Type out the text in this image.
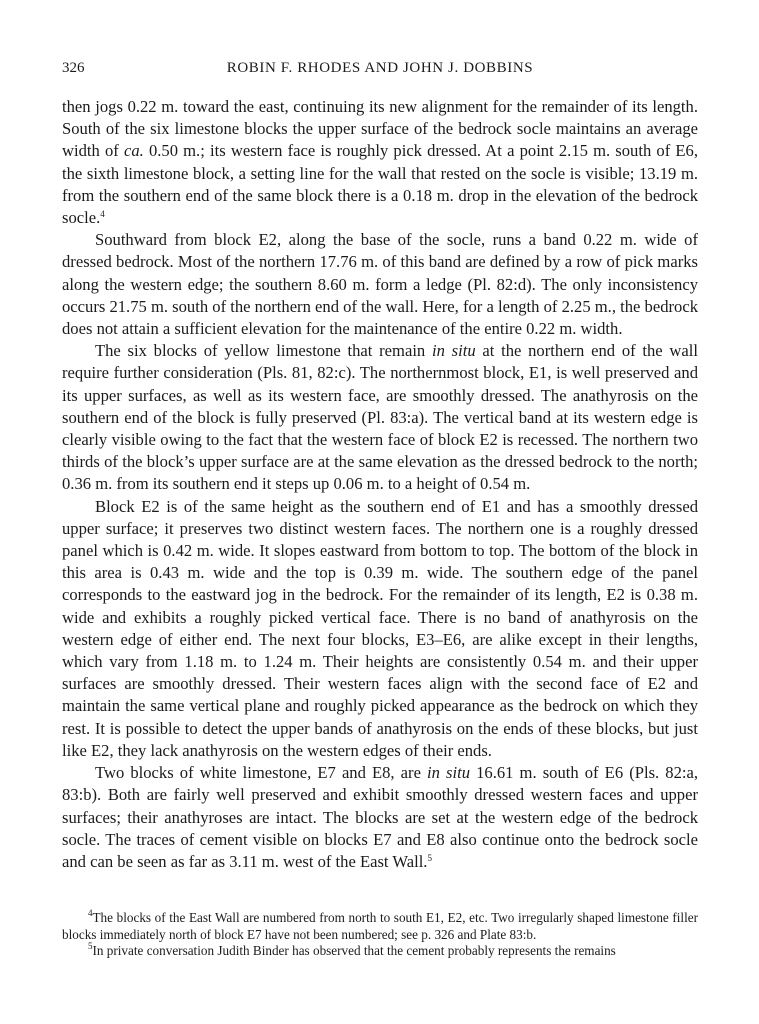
326	ROBIN F. RHODES AND JOHN J. DOBBINS

then jogs 0.22 m. toward the east, continuing its new alignment for the remainder of its length. South of the six limestone blocks the upper surface of the bedrock socle maintains an average width of ca. 0.50 m.; its western face is roughly pick dressed. At a point 2.15 m. south of E6, the sixth limestone block, a setting line for the wall that rested on the socle is visible; 13.19 m. from the southern end of the same block there is a 0.18 m. drop in the elevation of the bedrock socle.$^4$

Southward from block E2, along the base of the socle, runs a band 0.22 m. wide of dressed bedrock. Most of the northern 17.76 m. of this band are defined by a row of pick marks along the western edge; the southern 8.60 m. form a ledge (Pl. 82:d). The only inconsistency occurs 21.75 m. south of the northern end of the wall. Here, for a length of 2.25 m., the bedrock does not attain a sufficient elevation for the maintenance of the entire 0.22 m. width.

The six blocks of yellow limestone that remain in situ at the northern end of the wall require further consideration (Pls. 81, 82:c). The northernmost block, E1, is well preserved and its upper surfaces, as well as its western face, are smoothly dressed. The anathyrosis on the southern end of the block is fully preserved (Pl. 83:a). The vertical band at its western edge is clearly visible owing to the fact that the western face of block E2 is recessed. The northern two thirds of the block’s upper surface are at the same elevation as the dressed bedrock to the north; 0.36 m. from its southern end it steps up 0.06 m. to a height of 0.54 m.

Block E2 is of the same height as the southern end of E1 and has a smoothly dressed upper surface; it preserves two distinct western faces. The northern one is a roughly dressed panel which is 0.42 m. wide. It slopes eastward from bottom to top. The bottom of the block in this area is 0.43 m. wide and the top is 0.39 m. wide. The southern edge of the panel corresponds to the eastward jog in the bedrock. For the remainder of its length, E2 is 0.38 m. wide and exhibits a roughly picked vertical face. There is no band of anathyrosis on the western edge of either end. The next four blocks, E3–E6, are alike except in their lengths, which vary from 1.18 m. to 1.24 m. Their heights are consistently 0.54 m. and their upper surfaces are smoothly dressed. Their western faces align with the second face of E2 and maintain the same vertical plane and roughly picked appearance as the bedrock on which they rest. It is possible to detect the upper bands of anathyrosis on the ends of these blocks, but just like E2, they lack anathyrosis on the western edges of their ends.

Two blocks of white limestone, E7 and E8, are in situ 16.61 m. south of E6 (Pls. 82:a, 83:b). Both are fairly well preserved and exhibit smoothly dressed western faces and upper surfaces; their anathyroses are intact. The blocks are set at the western edge of the bedrock socle. The traces of cement visible on blocks E7 and E8 also continue onto the bedrock socle and can be seen as far as 3.11 m. west of the East Wall.$^5$

$^4$The blocks of the East Wall are numbered from north to south E1, E2, etc. Two irregularly shaped limestone filler blocks immediately north of block E7 have not been numbered; see p. 326 and Plate 83:b.

$^5$In private conversation Judith Binder has observed that the cement probably represents the remains
